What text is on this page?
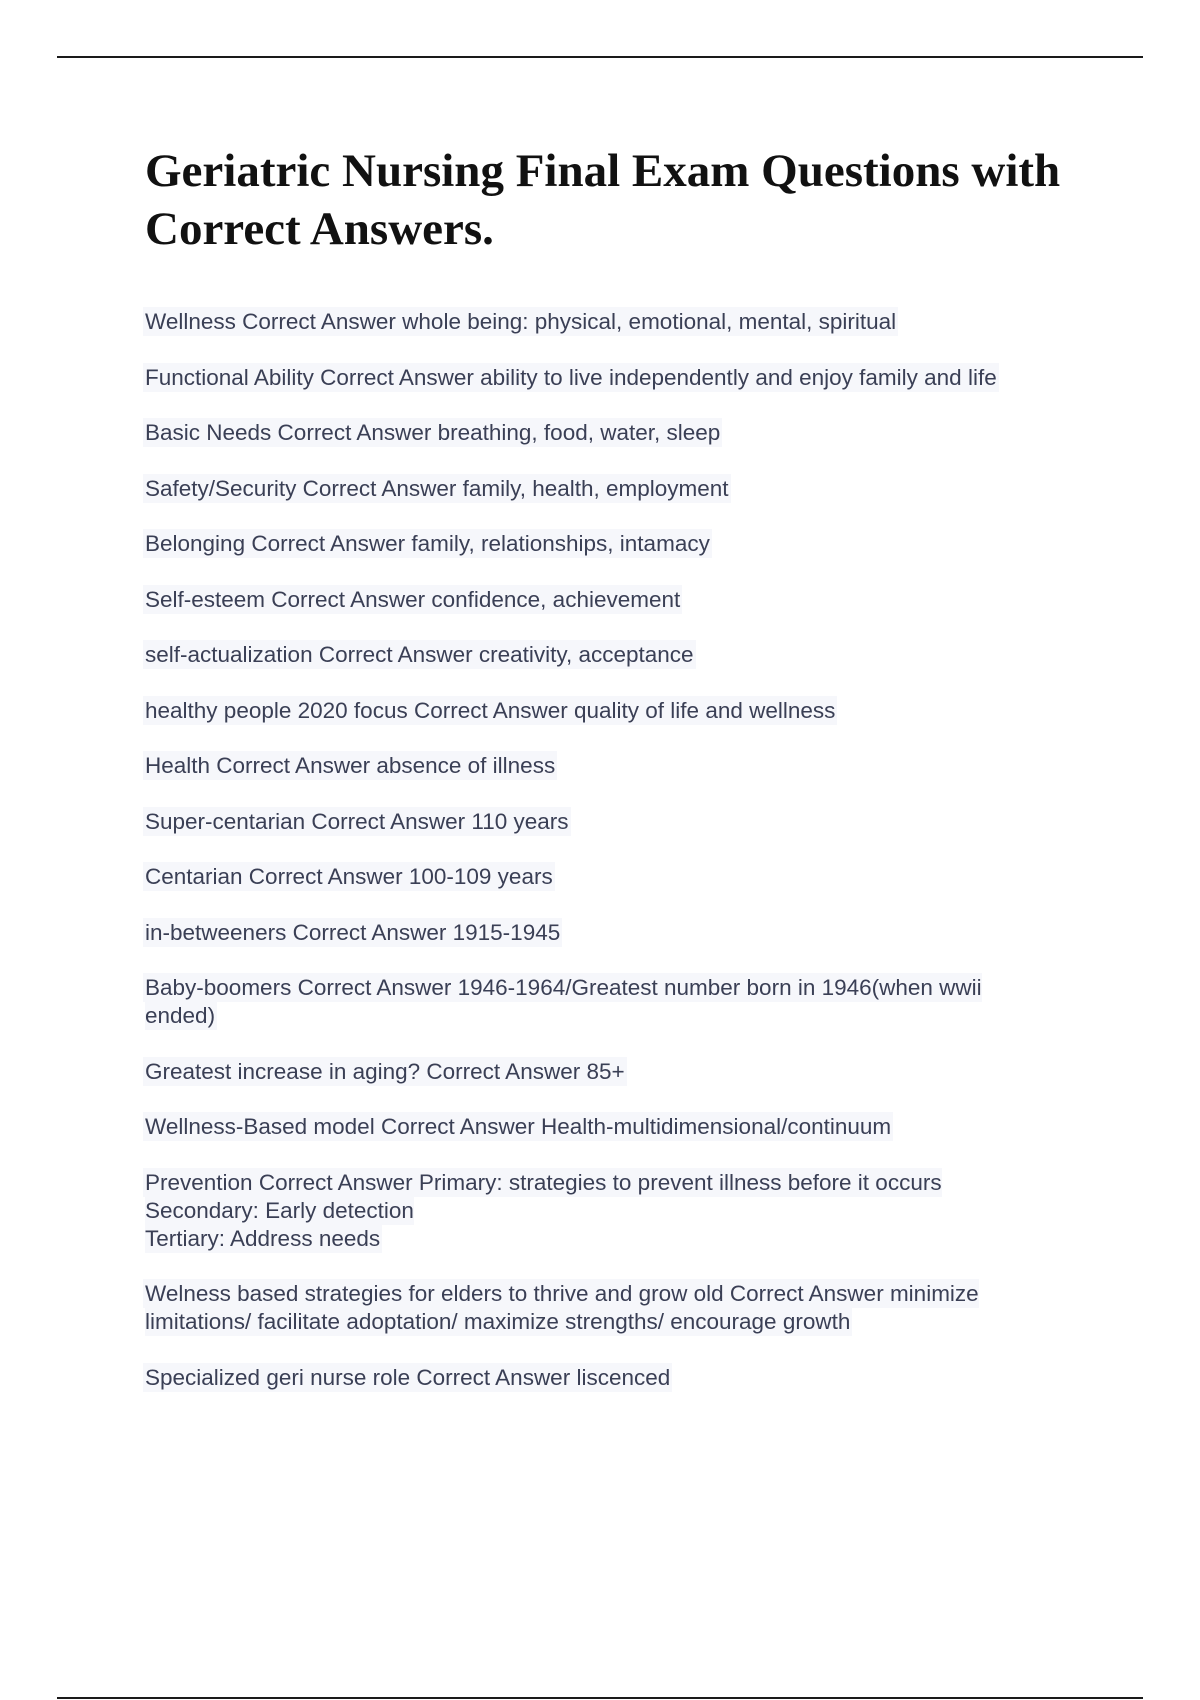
Geriatric Nursing Final Exam Questions with Correct Answers.
Wellness Correct Answer whole being: physical, emotional, mental, spiritual
Functional Ability Correct Answer ability to live independently and enjoy family and life
Basic Needs Correct Answer breathing, food, water, sleep
Safety/Security Correct Answer family, health, employment
Belonging Correct Answer family, relationships, intamacy
Self-esteem Correct Answer confidence, achievement
self-actualization Correct Answer creativity, acceptance
healthy people 2020 focus Correct Answer quality of life and wellness
Health Correct Answer absence of illness
Super-centarian Correct Answer 110 years
Centarian Correct Answer 100-109 years
in-betweeners Correct Answer 1915-1945
Baby-boomers Correct Answer 1946-1964/Greatest number born in 1946(when wwii
ended)
Greatest increase in aging? Correct Answer 85+
Wellness-Based model Correct Answer Health-multidimensional/continuum
Prevention Correct Answer Primary: strategies to prevent illness before it occurs
Secondary: Early detection
Tertiary: Address needs
Welness based strategies for elders to thrive and grow old Correct Answer minimize
limitations/ facilitate adoptation/ maximize strengths/ encourage growth
Specialized geri nurse role Correct Answer liscenced
